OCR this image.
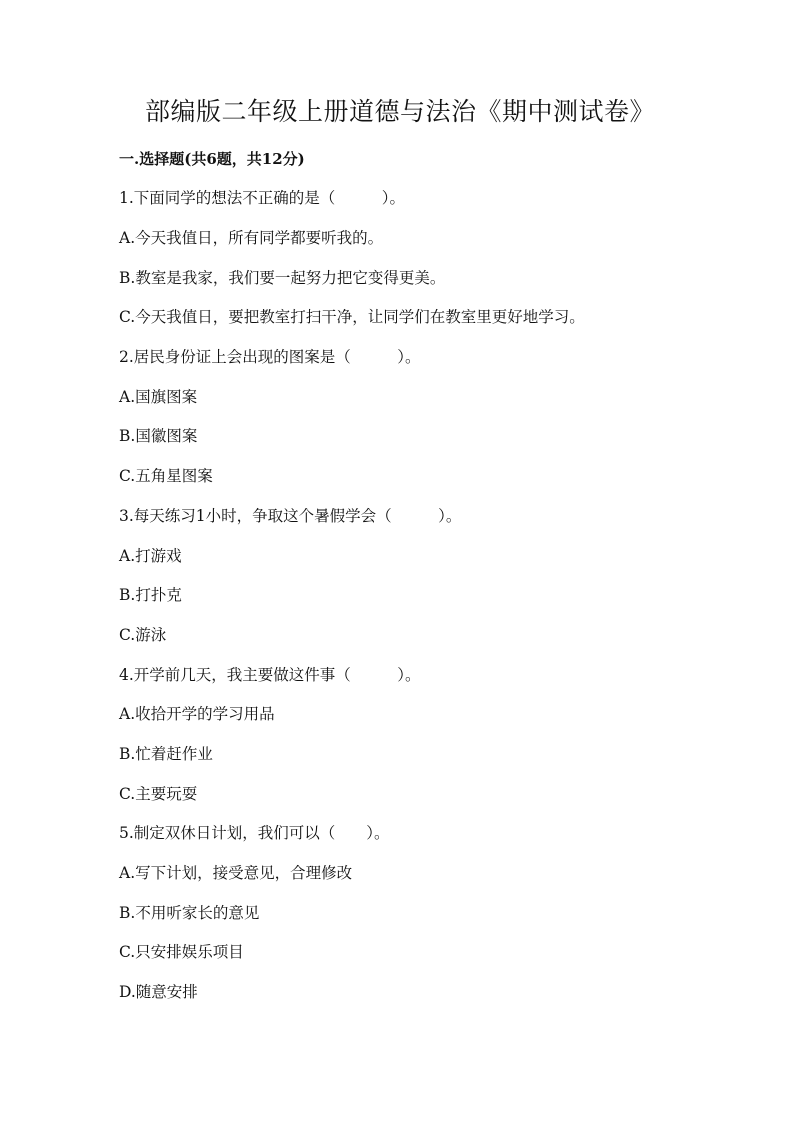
部编版二年级上册道德与法治《期中测试卷》
一.选择题(共6题，共12分)
1.下面同学的想法不正确的是（　　　）。
A.今天我值日，所有同学都要听我的。
B.教室是我家，我们要一起努力把它变得更美。
C.今天我值日，要把教室打扫干净，让同学们在教室里更好地学习。
2.居民身份证上会出现的图案是（　　　）。
A.国旗图案
B.国徽图案
C.五角星图案
3.每天练习1小时，争取这个暑假学会（　　　）。
A.打游戏
B.打扑克
C.游泳
4.开学前几天，我主要做这件事（　　　）。
A.收拾开学的学习用品
B.忙着赶作业
C.主要玩耍
5.制定双休日计划，我们可以（　　）。
A.写下计划，接受意见，合理修改
B.不用听家长的意见
C.只安排娱乐项目
D.随意安排
